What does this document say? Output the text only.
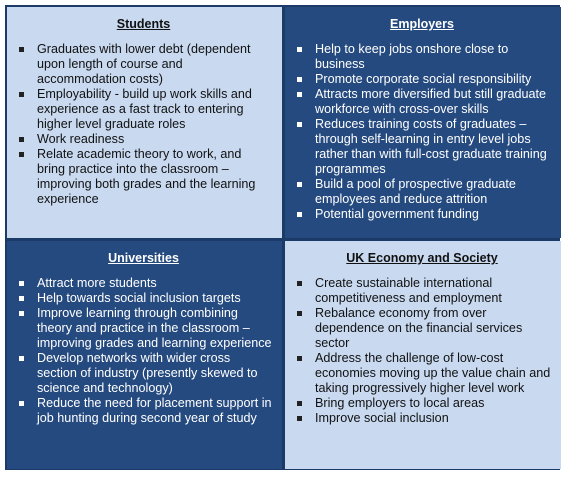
Students
Graduates with lower debt (dependent upon length of course and accommodation costs)
Employability - build up work skills and experience as a fast track to entering higher level graduate roles
Work readiness
Relate academic theory to work, and bring practice into the classroom – improving both grades and the learning experience
Employers
Help to keep jobs onshore close to business
Promote corporate social responsibility
Attracts more diversified but still graduate workforce with cross-over skills
Reduces training costs of graduates – through self-learning in entry level jobs rather than with full-cost graduate training programmes
Build a pool of prospective graduate employees and reduce attrition
Potential government funding
Universities
Attract more students
Help towards social inclusion targets
Improve learning through combining theory and practice in the classroom – improving grades and learning experience
Develop networks with wider cross section of industry (presently skewed to science and technology)
Reduce the need for placement support in job hunting during second year of study
UK Economy and Society
Create sustainable international competitiveness and employment
Rebalance economy from over dependence on the financial services sector
Address the challenge of low-cost economies moving up the value chain and taking progressively higher level work
Bring employers to local areas
Improve social inclusion
